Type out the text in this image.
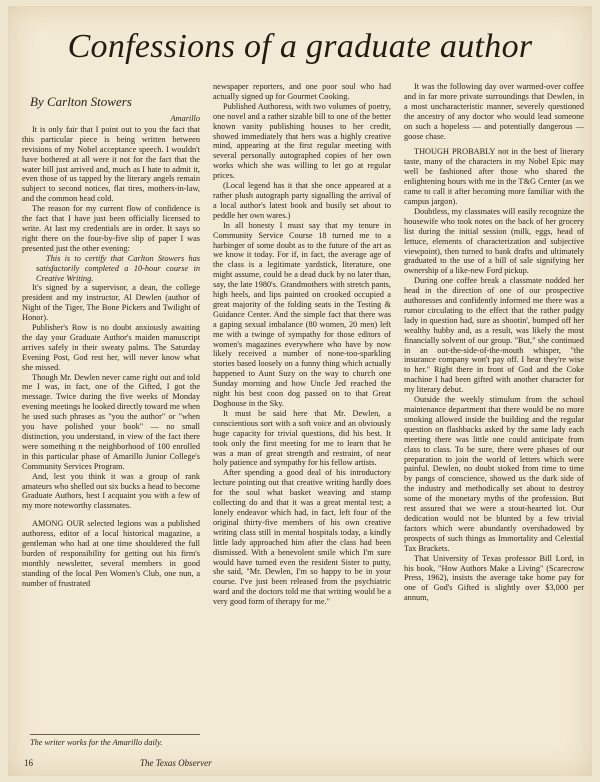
Confessions of a graduate author
By Carlton Stowers
Amarillo

It is only fair that I point out to you the fact that this particular piece is being written between revisions of my Nobel acceptance speech. I wouldn't have bothered at all were it not for the fact that the water bill just arrived and, much as I hate to admit it, even those of us tapped by the literary angels remain subject to second notices, flat tires, mothers-in-law, and the common head cold.

The reason for my current flow of confidence is the fact that I have just been officially licensed to write. At last my credentials are in order. It says so right there on the four-by-five slip of paper I was presented just the other evening:

This is to certify that Carlton Stowers has satisfactorily completed a 10-hour course in Creative Writing.

It's signed by a supervisor, a dean, the college president and my instructor, Al Dewlen (author of Night of the Tiger, The Bone Pickers and Twilight of Honor).

Publisher's Row is no doubt anxiously awaiting the day your Graduate Author's maiden manuscript arrives safely in their sweaty palms. The Saturday Evening Post, God rest her, will never know what she missed.

Though Mr. Dewlen never came right out and told me I was, in fact, one of the Gifted, I got the message. Twice during the five weeks of Monday evening meetings he looked directly toward me when he used such phrases as "you the author" or "when you have polished your book" — no small distinction, you understand, in view of the fact there were something n the neighborhood of 100 enrolled in this particular phase of Amarillo Junior College's Community Services Program.

And, lest you think it was a group of rank amateurs who shelled out six bucks a head to become Graduate Authors, best I acquaint you with a few of my more noteworthy classmates.

AMONG OUR selected legions was a published authoress, editor of a local historical magazine, a gentleman who had at one time shouldered the full burden of responsibility for getting out his firm's monthly newsletter, several members in good standing of the local Pen Women's Club, one nun, a number of frustrated

newspaper reporters, and one poor soul who had actually signed up for Gourmet Cooking.

Published Authoress, with two volumes of poetry, one novel and a rather sizable bill to one of the better known vanity publishing houses to her credit, showed immediately that hers was a highly creative mind, appearing at the first regular meeting with several personally autographed copies of her own works which she was willing to let go at regular prices.

(Local legend has it that she once appeared at a rather plush autograph party signalling the arrival of a local author's latest book and busily set about to peddle her own wares.)

In all honesty I must say that my tenure in Community Service Course 18 turned me to a harbinger of some doubt as to the future of the art as we know it today. For if, in fact, the average age of the class is a legitimate yardstick, literature, one might assume, could be a dead duck by no later than, say, the late 1980's. Grandmothers with stretch pants, high heels, and lips painted on crooked occupied a great majority of the folding seats in the Testing & Guidance Center. And the simple fact that there was a gaping sexual imbalance (80 women, 20 men) left me with a twinge of sympathy for those editors of women's magazines everywhere who have by now likely received a number of none-too-sparkling stories based loosely on a funny thing which actually happened to Aunt Suzy on the way to church one Sunday morning and how Uncle Jed reached the night his best coon dog passed on to that Great Doghouse in the Sky.

It must be said here that Mr. Dewlen, a conscientious sort with a soft voice and an obviously huge capacity for trivial questions, did his best. It took only the first meeting for me to learn that he was a man of great strength and restraint, of near holy patience and sympathy for his fellow artists.

After spending a good deal of his introductory lecture pointing out that creative writing hardly does for the soul what basket weaving and stamp collecting do and that it was a great mental test; a lonely endeavor which had, in fact, left four of the original thirty-five members of his own creative writing class still in mental hospitals today, a kindly little lady approached him after the class had been dismissed. With a benevolent smile which I'm sure would have turned even the resident Sister to putty, she said, "Mr. Dewlen, I'm so happy to be in your course. I've just been released from the psychiatric ward and the doctors told me that writing would be a very good form of therapy for me."

It was the following day over warmed-over coffee and in far more private surroundings that Dewlen, in a most uncharacteristic manner, severely questioned the ancestry of any doctor who would lead someone on such a hopeless — and potentially dangerous — goose chase.

THOUGH PROBABLY not in the best of literary taste, many of the characters in my Nobel Epic may well be fashioned after those who shared the enlightening hours with me in the T&G Center (as we came to call it after becoming more familiar with the campus jargon).

Doubtless, my classmates will easily recognize the housewife who took notes on the back of her grocery list during the initial session (milk, eggs, head of lettuce, elements of characterization and subjective viewpoint), then turned to bank drafts and ultimately graduated to the use of a bill of sale signifying her ownership of a like-new Ford pickup.

During one coffee break a classmate nodded her head in the direction of one of our prospective authoresses and confidently informed me there was a rumor circulating to the effect that the rather pudgy lady in question had, sure as shootin', bumped off her wealthy hubby and, as a result, was likely the most financially solvent of our group. "But," she continued in an out-the-side-of-the-mouth whisper, "the insurance company won't pay off. I hear they're wise to her." Right there in front of God and the Coke machine I had been gifted with another character for my literary debut.

Outside the weekly stimulum from the school maintenance department that there would be no more smoking allowed inside the building and the regular question on flashbacks asked by the same lady each meeting there was little one could anticipate from class to class. To be sure, there were phases of our preparation to join the world of letters which were painful. Dewlen, no doubt stoked from time to time by pangs of conscience, showed us the dark side of the industry and methodically set about to destroy some of the monetary myths of the profession. But rest assured that we were a stout-hearted lot. Our dedication would not be blunted by a few trivial factors which were abundantly overshadowed by prospects of such things as Immortality and Celestial Tax Brackets.

That University of Texas professor Bill Lord, in his book, "How Authors Make a Living" (Scarecrow Press, 1962), insists the average take home pay for one of God's Gifted is slightly over $3,000 per annum,

The writer works for the Amarillo daily.
16	The Texas Observer
